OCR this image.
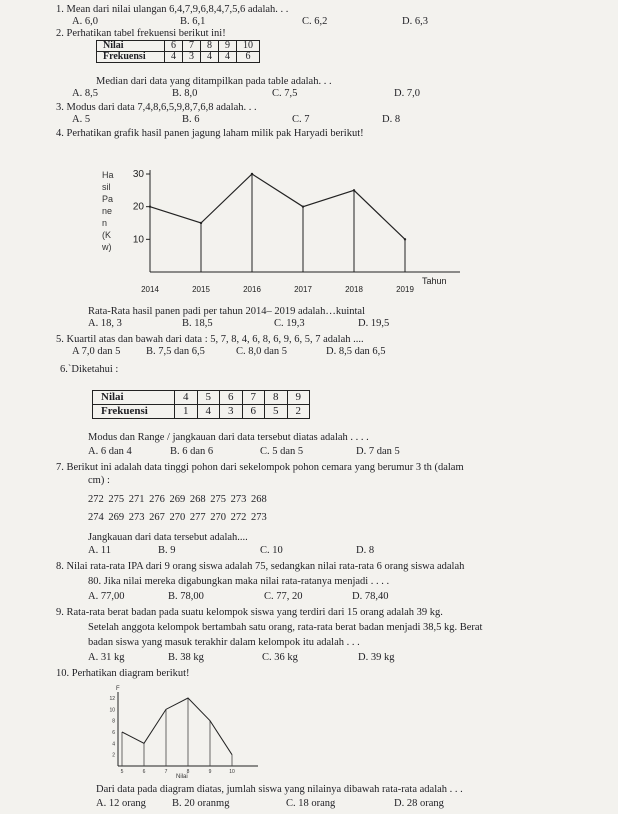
1. Mean dari nilai ulangan 6,4,7,9,6,8,4,7,5,6 adalah. . .
A. 6,0	B. 6,1	C. 6,2	D. 6,3
2. Perhatikan tabel frekuensi berikut ini!
Nilai	6	7	8	9	10
Frekuensi	4	3	4	4	6
Median dari data yang ditampilkan pada table adalah. . .
A. 8,5	B. 8,0	C. 7,5	D. 7,0
3. Modus dari data 7,4,8,6,5,9,8,7,6,8 adalah. . .
A. 5	B. 6	C. 7	D. 8
4. Perhatikan grafik hasil panen jagung laham milik pak Haryadi berikut!
Ha
sil
Pa
ne
n
(K
w)
10
20
30
2014	2015	2016	2017	2018	2019
Tahun
Rata-Rata hasil panen padi per tahun 2014– 2019 adalah…kuintal
A. 18, 3	B. 18,5	C. 19,3	D. 19,5
5. Kuartil atas dan bawah dari data : 5, 7, 8, 4, 6, 8, 6, 9, 6, 5, 7 adalah ....
A 7,0 dan 5	B. 7,5 dan 6,5	C. 8,0 dan 5	D. 8,5 dan 6,5
6.`Diketahui :
Nilai	4	5	6	7	8	9
Frekuensi	1	4	3	6	5	2
Modus dan Range / jangkauan dari data tersebut diatas adalah . . . .
A. 6 dan 4	B. 6 dan 6	C. 5 dan 5	D. 7 dan 5
7. Berikut ini adalah data tinggi pohon dari sekelompok pohon cemara yang berumur 3 th (dalam
cm) :
272 275 271 276 269 268 275 273 268
274 269 273 267 270 277 270 272 273
Jangkauan dari data tersebut adalah....
A. 11	B. 9	C. 10	D. 8
8. Nilai rata-rata IPA dari 9 orang siswa adalah 75, sedangkan nilai rata-rata 6 orang siswa adalah
80. Jika nilai mereka digabungkan maka nilai rata-ratanya menjadi . . . .
A. 77,00	B. 78,00	C. 77, 20	D. 78,40
9. Rata-rata berat badan pada suatu kelompok siswa yang terdiri dari 15 orang adalah 39 kg.
Setelah anggota kelompok bertambah satu orang, rata-rata berat badan menjadi 38,5 kg. Berat
badan siswa yang masuk terakhir dalam kelompok itu adalah . . .
A. 31 kg	B. 38 kg	C. 36 kg	D. 39 kg
10. Perhatikan diagram berikut!
F
2
4
6
8
10
12
5	6	7	8	9	10
Nilai
Dari data pada diagram diatas, jumlah siswa yang nilainya dibawah rata-rata adalah . . .
A. 12 orang	B. 20 oranmg	C. 18 orang	D. 28 orang
